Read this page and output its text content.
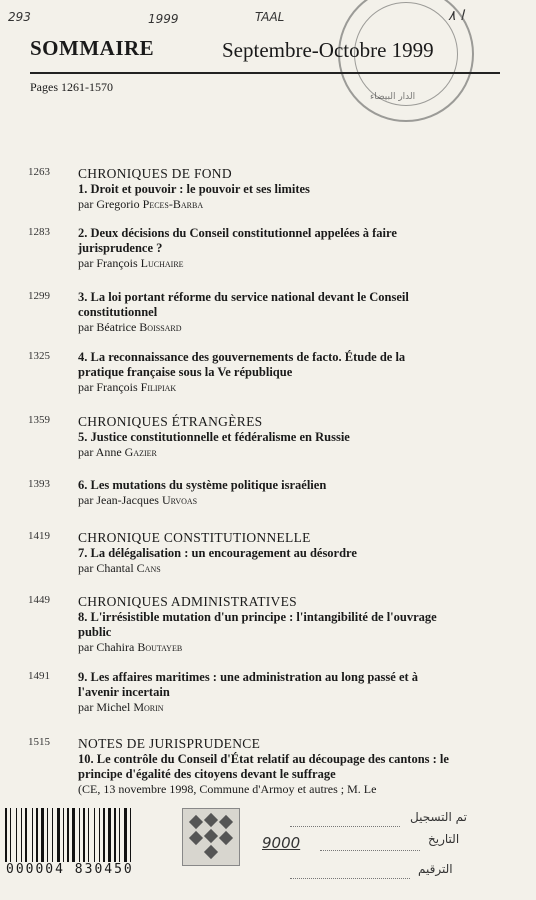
293	1999	TAAL	ا ٨
الدار البيضاء
SOMMAIRE	Septembre-Octobre 1999
Pages 1261-1570
1263 CHRONIQUES DE FOND
1. Droit et pouvoir : le pouvoir et ses limites
par Gregorio Peces-Barba
1283 2. Deux décisions du Conseil constitutionnel appelées à faire jurisprudence ?
par François Luchaire
1299 3. La loi portant réforme du service national devant le Conseil constitutionnel
par Béatrice Boissard
1325 4. La reconnaissance des gouvernements de facto. Étude de la pratique française sous la Ve république
par François Filipiak
1359 CHRONIQUES ÉTRANGÈRES
5. Justice constitutionnelle et fédéralisme en Russie
par Anne Gazier
1393 6. Les mutations du système politique israélien
par Jean-Jacques Urvoas
1419 CHRONIQUE CONSTITUTIONNELLE
7. La délégalisation : un encouragement au désordre
par Chantal Cans
1449 CHRONIQUES ADMINISTRATIVES
8. L'irrésistible mutation d'un principe : l'intangibilité de l'ouvrage public
par Chahira Boutayeb
1491 9. Les affaires maritimes : une administration au long passé et à l'avenir incertain
par Michel Morin
1515 NOTES DE JURISPRUDENCE
10. Le contrôle du Conseil d'État relatif au découpage des cantons : le principe d'égalité des citoyens devant le suffrage
(CE, 13 novembre 1998, Commune d'Armoy et autres ; M. Le
000004 830450
تم التسجيل
التاريخ
9000
الترقيم
